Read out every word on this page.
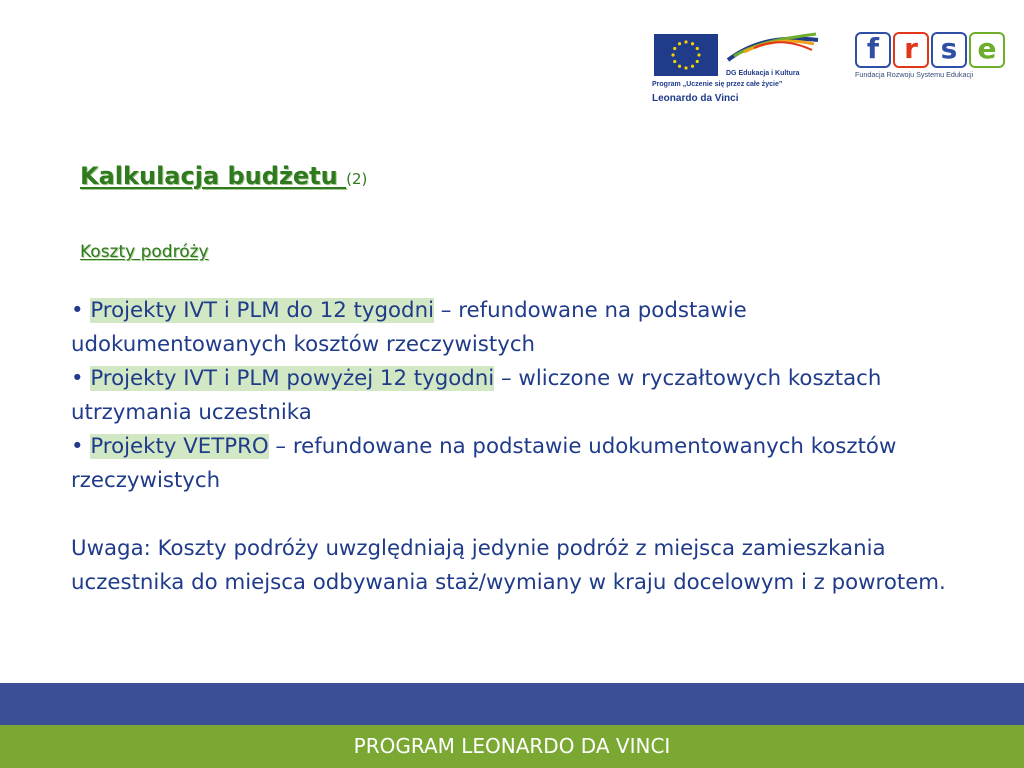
DG Edukacja i Kultura
Program „Uczenie się przez całe życie”
Leonardo da Vinci
f r s e
Fundacja Rozwoju Systemu Edukacji
Kalkulacja budżetu (2)
Koszty podróży

• Projekty IVT i PLM do 12 tygodni – refundowane na podstawie udokumentowanych kosztów rzeczywistych

• Projekty IVT i PLM powyżej 12 tygodni – wliczone w ryczałtowych kosztach utrzymania uczestnika

• Projekty VETPRO – refundowane na podstawie udokumentowanych kosztów rzeczywistych

Uwaga: Koszty podróży uwzględniają jedynie podróż z miejsca zamieszkania uczestnika do miejsca odbywania staż/wymiany w kraju docelowym i z powrotem.

PROGRAM LEONARDO DA VINCI
